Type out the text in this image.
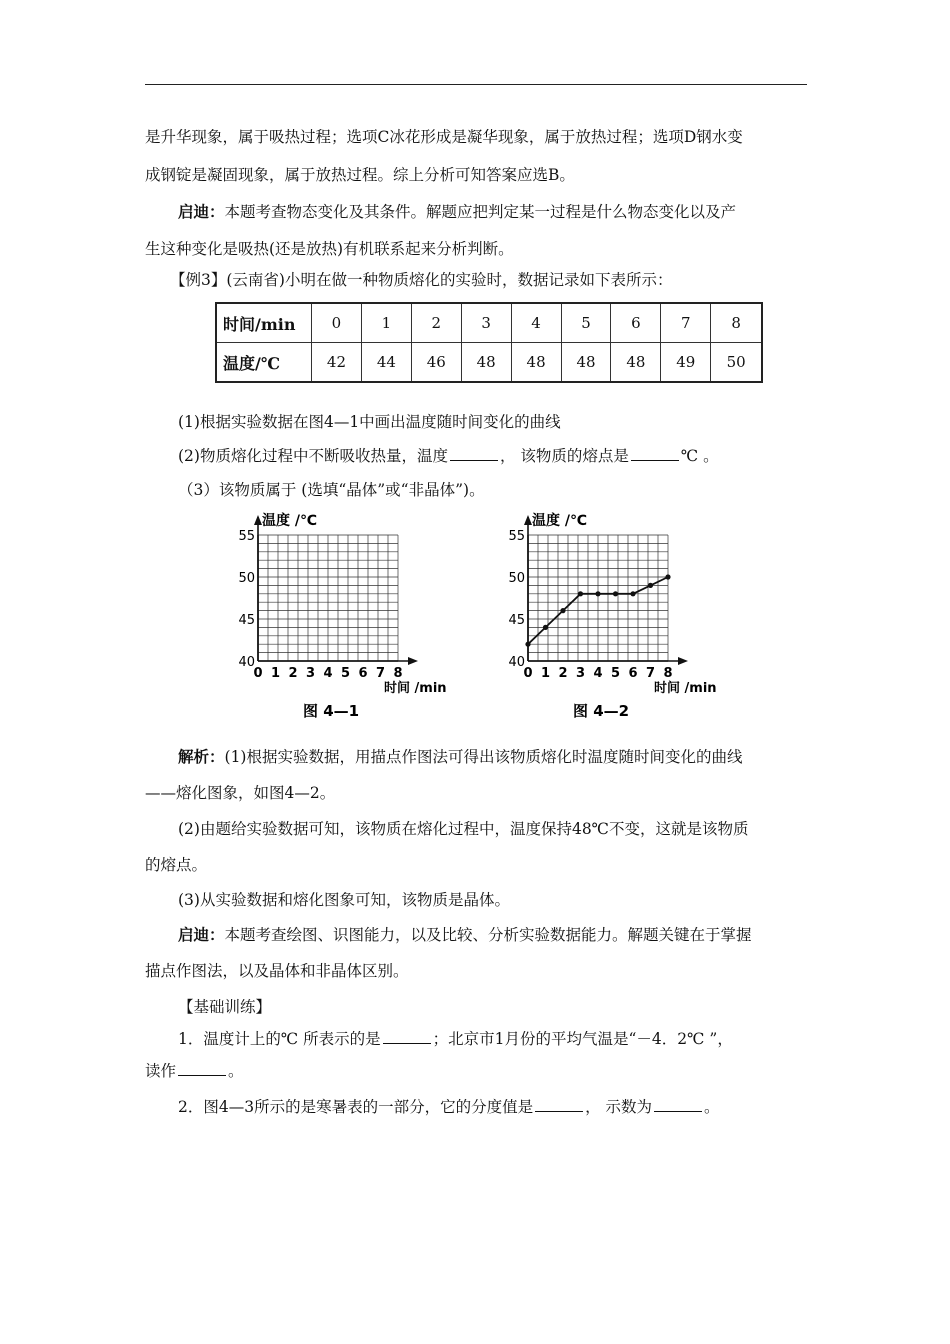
是升华现象，属于吸热过程；选项C冰花形成是凝华现象，属于放热过程；选项D钢水变
成钢锭是凝固现象，属于放热过程。综上分析可知答案应选B。
启迪：本题考查物态变化及其条件。解题应把判定某一过程是什么物态变化以及产
生这种变化是吸热(还是放热)有机联系起来分析判断。
【例3】(云南省)小明在做一种物质熔化的实验时，数据记录如下表所示：
时间/min	0	1	2	3	4	5	6	7	8
温度/℃	42	44	46	48	48	48	48	49	50
(1)根据实验数据在图4—1中画出温度随时间变化的曲线
(2)物质熔化过程中不断吸收热量，温度	， 该物质的熔点是	℃ 。
（3）该物质属于 (选填“晶体”或“非晶体”)。
40
45
50
55
0 1 2 3 4 5 6 7 8
温度 /℃
时间 /min
图 4—1
40
45
50
55
0 1 2 3 4 5 6 7 8
温度 /℃
时间 /min
图 4—2
解析：(1)根据实验数据，用描点作图法可得出该物质熔化时温度随时间变化的曲线
——熔化图象，如图4—2。
(2)由题给实验数据可知，该物质在熔化过程中，温度保持48℃不变，这就是该物质
的熔点。
(3)从实验数据和熔化图象可知，该物质是晶体。
启迪：本题考查绘图、识图能力，以及比较、分析实验数据能力。解题关键在于掌握
描点作图法，以及晶体和非晶体区别。
【基础训练】
1．温度计上的℃ 所表示的是	；北京市1月份的平均气温是“－4．2℃ ”，
读作	。
2．图4—3所示的是寒暑表的一部分，它的分度值是	， 示数为	。
